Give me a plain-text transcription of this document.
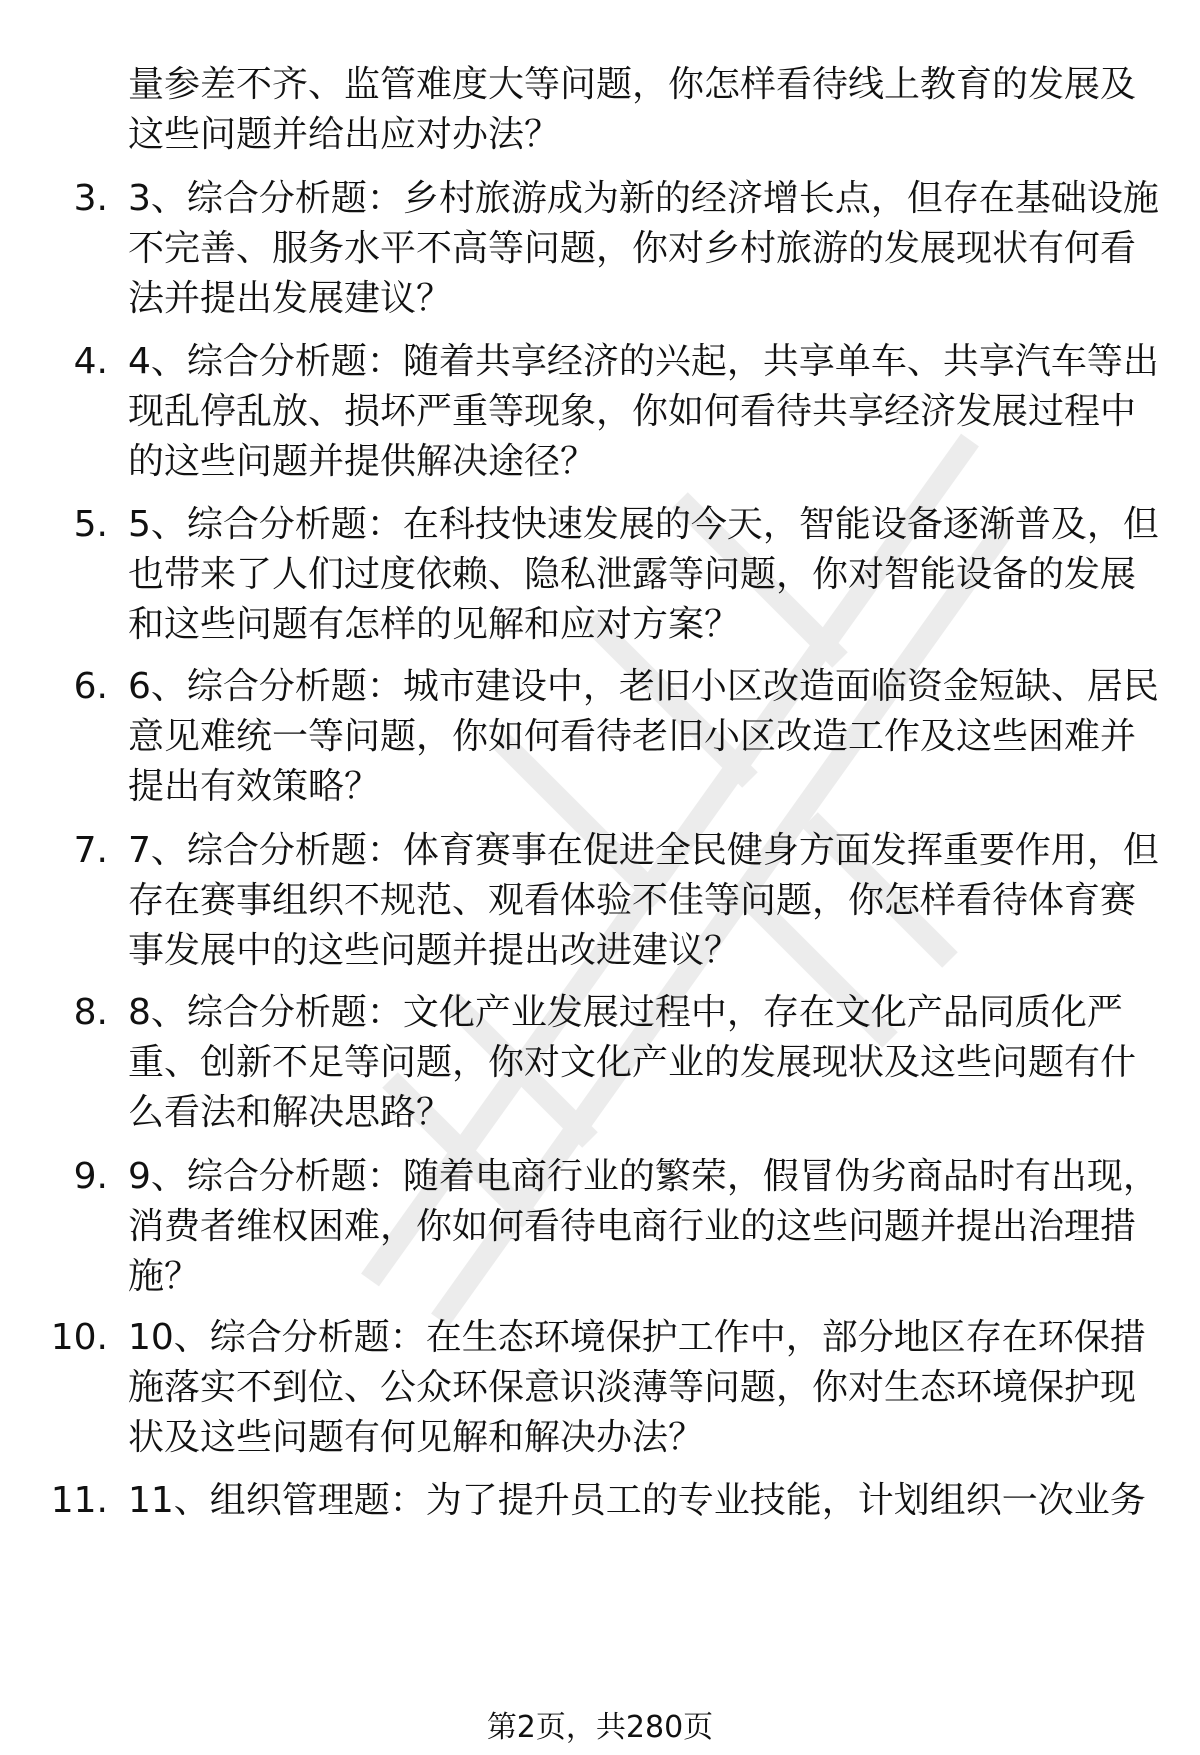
量参差不齐、监管难度大等问题，你怎样看待线上教育的发展及这些问题并给出应对办法？

3. 3、综合分析题：乡村旅游成为新的经济增长点，但存在基础设施不完善、服务水平不高等问题，你对乡村旅游的发展现状有何看法并提出发展建议？

4. 4、综合分析题：随着共享经济的兴起，共享单车、共享汽车等出现乱停乱放、损坏严重等现象，你如何看待共享经济发展过程中的这些问题并提供解决途径？

5. 5、综合分析题：在科技快速发展的今天，智能设备逐渐普及，但也带来了人们过度依赖、隐私泄露等问题，你对智能设备的发展和这些问题有怎样的见解和应对方案？

6. 6、综合分析题：城市建设中，老旧小区改造面临资金短缺、居民意见难统一等问题，你如何看待老旧小区改造工作及这些困难并提出有效策略？

7. 7、综合分析题：体育赛事在促进全民健身方面发挥重要作用，但存在赛事组织不规范、观看体验不佳等问题，你怎样看待体育赛事发展中的这些问题并提出改进建议？

8. 8、综合分析题：文化产业发展过程中，存在文化产品同质化严重、创新不足等问题，你对文化产业的发展现状及这些问题有什么看法和解决思路？

9. 9、综合分析题：随着电商行业的繁荣，假冒伪劣商品时有出现，消费者维权困难，你如何看待电商行业的这些问题并提出治理措施？

10. 10、综合分析题：在生态环境保护工作中，部分地区存在环保措施落实不到位、公众环保意识淡薄等问题，你对生态环境保护现状及这些问题有何见解和解决办法？

11. 11、组织管理题：为了提升员工的专业技能，计划组织一次业务

第2页，共280页
